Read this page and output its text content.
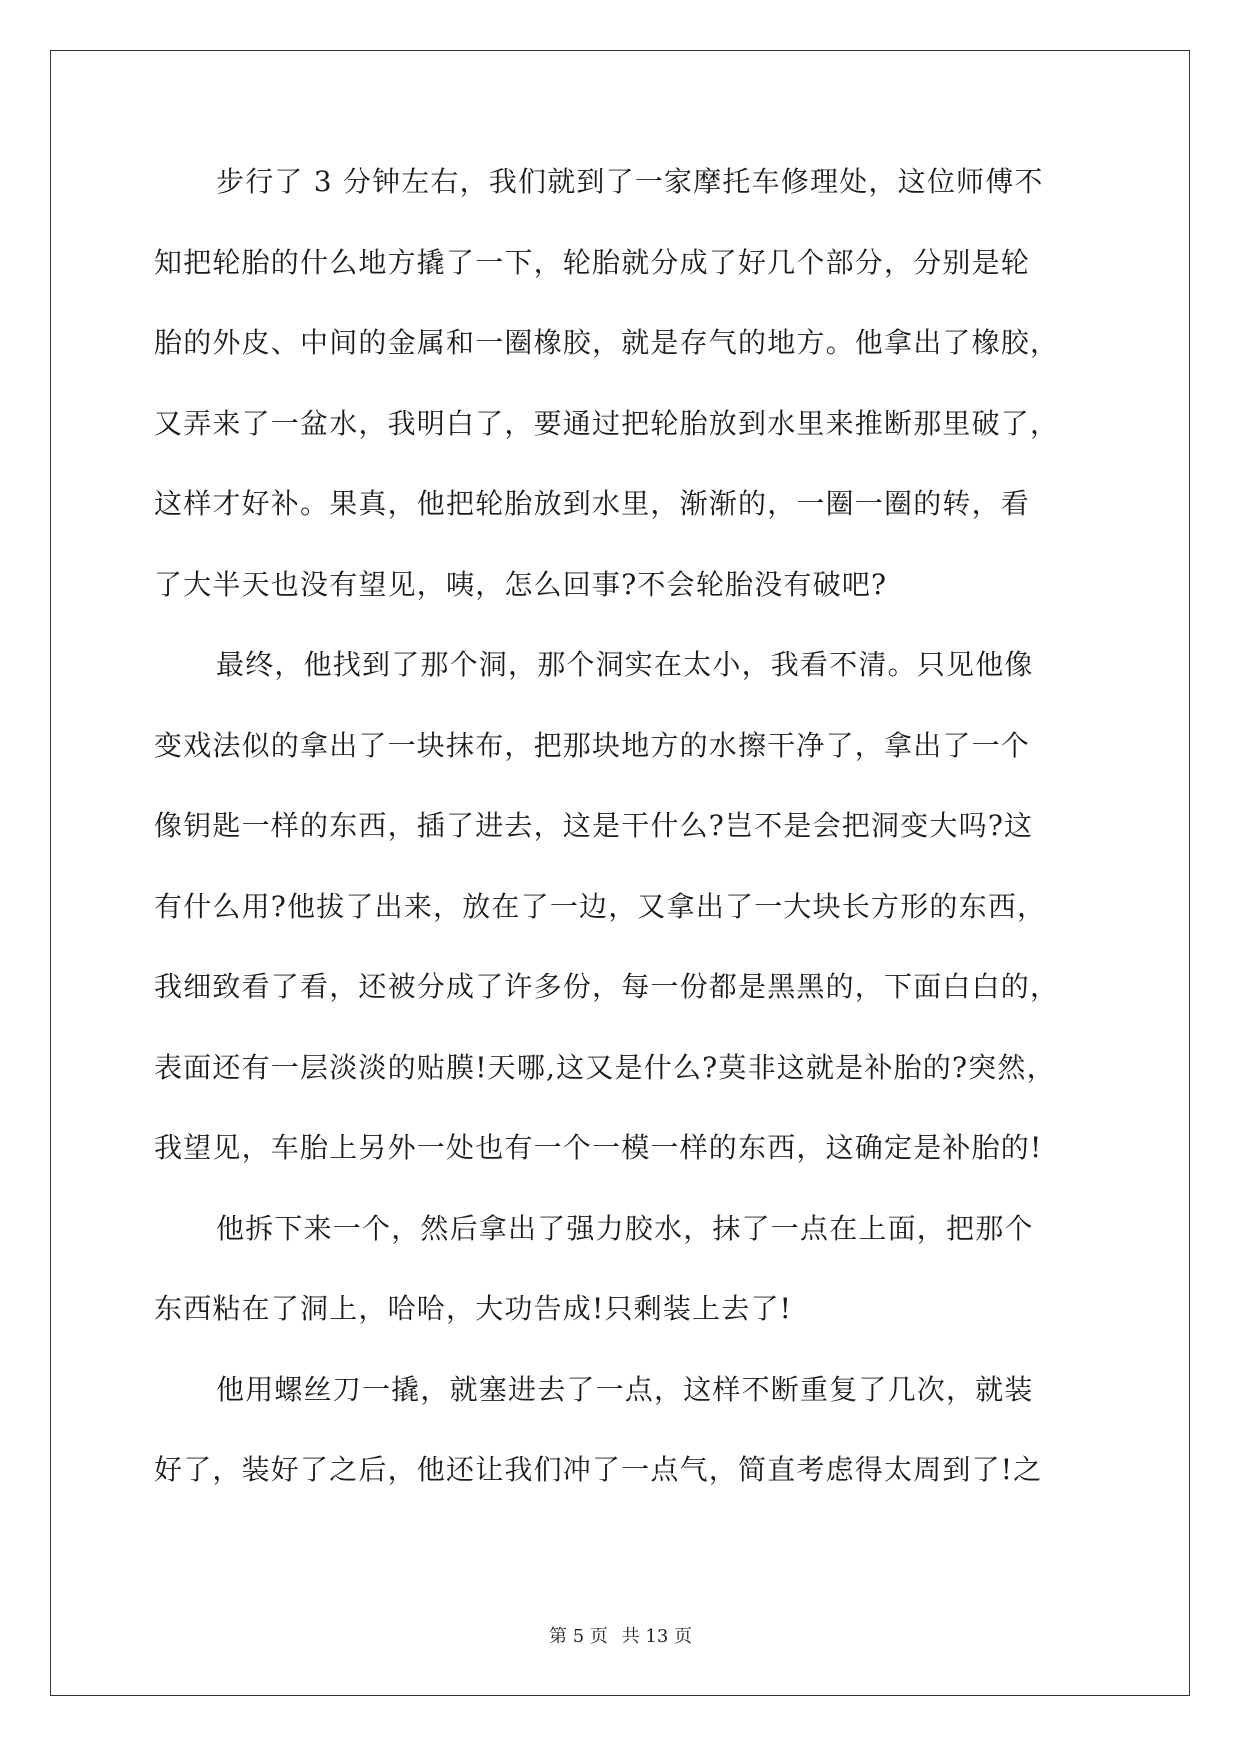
步行了 3 分钟左右，我们就到了一家摩托车修理处，这位师傅不
知把轮胎的什么地方撬了一下，轮胎就分成了好几个部分，分别是轮
胎的外皮、中间的金属和一圈橡胶，就是存气的地方。他拿出了橡胶，
又弄来了一盆水，我明白了，要通过把轮胎放到水里来推断那里破了，
这样才好补。果真，他把轮胎放到水里，渐渐的，一圈一圈的转，看
了大半天也没有望见，咦，怎么回事?不会轮胎没有破吧?
最终，他找到了那个洞，那个洞实在太小，我看不清。只见他像
变戏法似的拿出了一块抹布，把那块地方的水擦干净了，拿出了一个
像钥匙一样的东西，插了进去，这是干什么?岂不是会把洞变大吗?这
有什么用?他拔了出来，放在了一边，又拿出了一大块长方形的东西，
我细致看了看，还被分成了许多份，每一份都是黑黑的，下面白白的，
表面还有一层淡淡的贴膜!天哪,这又是什么?莫非这就是补胎的?突然，
我望见，车胎上另外一处也有一个一模一样的东西，这确定是补胎的!
他拆下来一个，然后拿出了强力胶水，抹了一点在上面，把那个
东西粘在了洞上，哈哈，大功告成!只剩装上去了!
他用螺丝刀一撬，就塞进去了一点，这样不断重复了几次，就装
好了，装好了之后，他还让我们冲了一点气，简直考虑得太周到了!之
第 5 页 共 13 页
